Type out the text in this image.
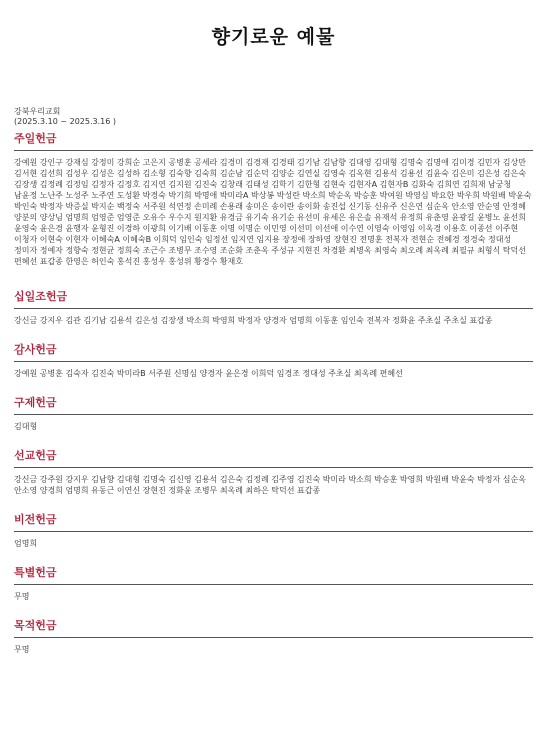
향기로운 예물
강북우리교회
(2025.3.10 ~ 2025.3.16 )
주일헌금
강예원 강인구 강재심 강정미 강희순 고은지 공병훈 공세라 김경미 김경재 김경태 김기남 김남향 김대영 김대형 김명숙 김명애 김미경 김민자 김상만 김서현 김선희 김성우 김성은 김성하 김소형 김숙향 김숙희 김순남 김순덕 김양순 김연실 김영숙 김옥현 김용석 김용선 김윤숙 김은미 김은성 김은숙 김장생 김정례 김정임 김정자 김정호 김지연 김지원 김진숙 김창래 김태성 김학기 김한형 김현숙 김현자A 김현자B 김화숙 김희연 김희재 남궁청 남윤정 노난주 노성주 노주연 도성환 박경숙 박기희 박명애 박미라A 박상봉 박성란 박소희 박순옥 박승훈 박여원 박영심 박요한 박우희 박원배 박윤숙 박인숙 박정자 박증실 박지순 백정숙 서주원 석연정 손미례 손용래 송미은 송이란 송이화 송진섭 신기동 신유주 신은연 심순옥 안소영 안순영 안정혜 양분의 양상님 엄명희 엄영준 엄영준 오유수 우수지 원지환 유경금 유기숙 유기순 유선미 유세은 유은솔 유재석 유정희 유춘영 윤광길 윤병노 윤선희 윤영숙 윤은경 윤행자 윤형진 이경하 이광희 이기배 이동훈 이명 이명순 이민영 이선미 이선애 이수연 이영숙 이영임 이옥경 이용호 이종선 이주현 이청자 이현숙 이현자 이혜숙A 이혜숙B 이희덕 임인숙 임정선 임지연 임지용 장정애 장하영 장현진 전명훈 전복자 전현순 전혜경 정경숙 정대성 정미자 정예자 정향숙 정현균 정희숙 조근수 조병무 조수영 조순화 조춘옥 주성규 지현진 차경환 최병옥 최영숙 최오례 최옥례 최필규 최형식 탁덕선 편혜선 표갑종 한영은 허인숙 홍석진 홍성우 홍성위 황경수 황재호
십일조헌금
강신금 강지우 김관 김기남 김용석 김은성 김장생 박소희 박영희 박정자 양경자 엄명희 이동훈 임인숙 전복자 정화윤 주초실 주초실 표갑종
감사헌금
강예원 공병훈 김숙자 김진숙 박미라B 서주원 신명심 양경자 윤은경 이희덕 임경조 정대성 주초실 최옥례 편혜선
구제헌금
김대형
선교헌금
강신금 강주원 강지우 김남향 김대형 김명숙 김신영 김용석 김은숙 김정례 김주영 김진숙 박미라 박소희 박승훈 박영희 박원배 박윤숙 박정자 심순옥 안소영 양경희 엄명희 유동근 이연신 장현진 정화윤 조병무 최옥례 최하은 탁덕선 표갑종
비전헌금
엄명희
특별헌금
무명
목적헌금
무명
